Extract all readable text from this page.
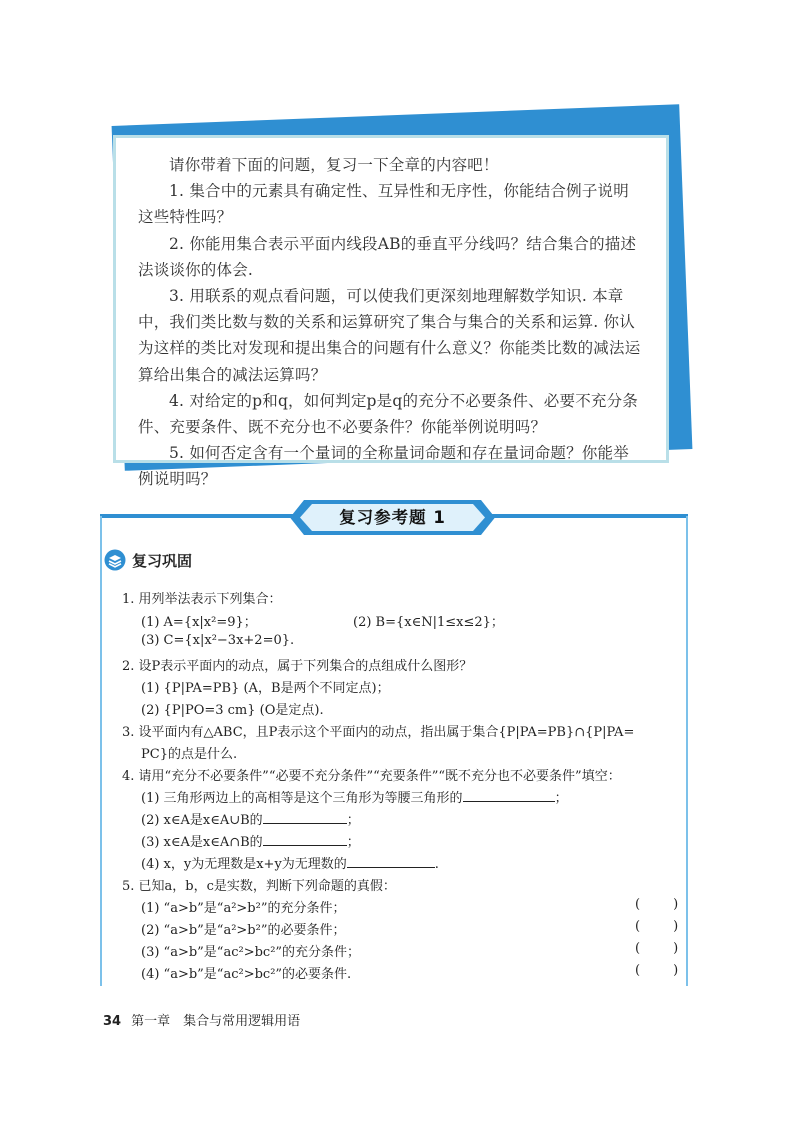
请你带着下面的问题，复习一下全章的内容吧！

1. 集合中的元素具有确定性、互异性和无序性，你能结合例子说明这些特性吗？

2. 你能用集合表示平面内线段AB的垂直平分线吗？结合集合的描述法谈谈你的体会.

3. 用联系的观点看问题，可以使我们更深刻地理解数学知识. 本章中，我们类比数与数的关系和运算研究了集合与集合的关系和运算. 你认为这样的类比对发现和提出集合的问题有什么意义？你能类比数的减法运算给出集合的减法运算吗？

4. 对给定的p和q，如何判定p是q的充分不必要条件、必要不充分条件、充要条件、既不充分也不必要条件？你能举例说明吗？

5. 如何否定含有一个量词的全称量词命题和存在量词命题？你能举例说明吗？

复习参考题 1
复习巩固
1. 用列举法表示下列集合：
(1) A={x|x²=9}；	(2) B={x∈N|1≤x≤2}；
(3) C={x|x²−3x+2=0}.
2. 设P表示平面内的动点，属于下列集合的点组成什么图形？
(1) {P|PA=PB} (A，B是两个不同定点)；
(2) {P|PO=3 cm} (O是定点).
3. 设平面内有△ABC，且P表示这个平面内的动点，指出属于集合{P|PA=PB}∩{P|PA=
PC}的点是什么.
4. 请用“充分不必要条件”“必要不充分条件”“充要条件”“既不充分也不必要条件”填空：
(1) 三角形两边上的高相等是这个三角形为等腰三角形的	；
(2) x∈A是x∈A∪B的	；
(3) x∈A是x∈A∩B的	；
(4) x，y为无理数是x+y为无理数的	.
5. 已知a，b，c是实数，判断下列命题的真假：
(1) “a>b”是“a²>b²”的充分条件；	(        )
(2) “a>b”是“a²>b²”的必要条件；	(        )
(3) “a>b”是“ac²>bc²”的充分条件；	(        )
(4) “a>b”是“ac²>bc²”的必要条件.	(        )
34 第一章　集合与常用逻辑用语
